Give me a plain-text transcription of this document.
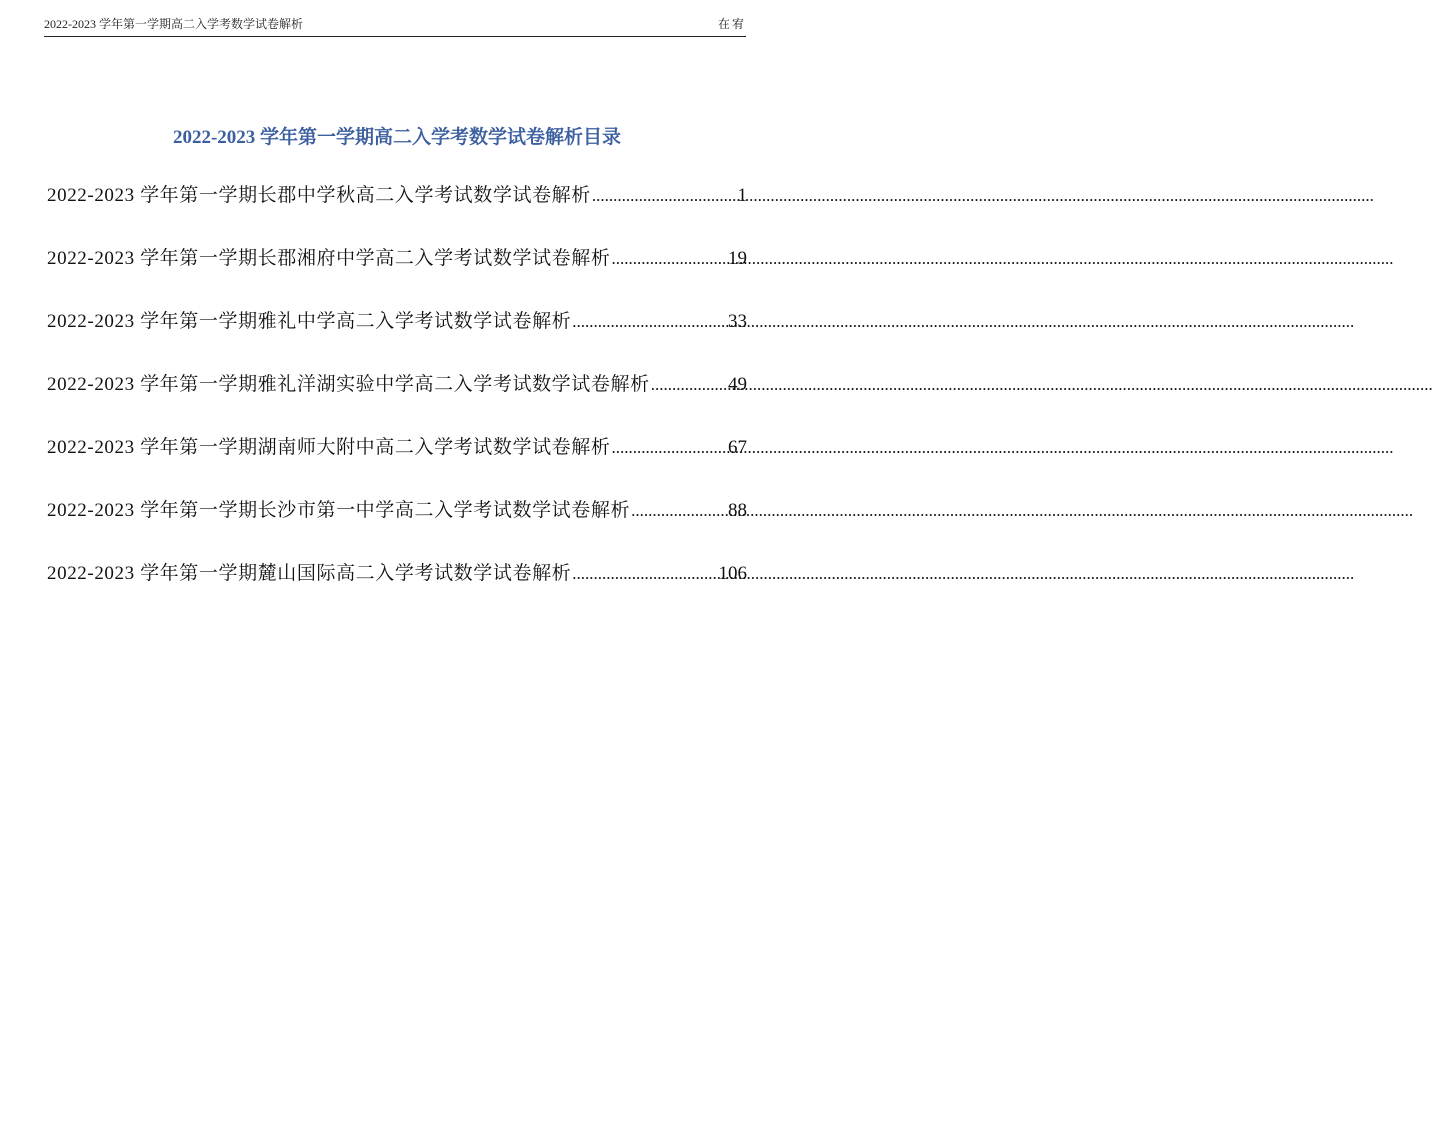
2022-2023 学年第一学期高二入学考数学试卷解析	在宥
2022-2023 学年第一学期高二入学考数学试卷解析目录
2022-2023 学年第一学期长郡中学秋高二入学考试数学试卷解析 .....	1
2022-2023 学年第一学期长郡湘府中学高二入学考试数学试卷解析 .....	19
2022-2023 学年第一学期雅礼中学高二入学考试数学试卷解析 .....	33
2022-2023 学年第一学期雅礼洋湖实验中学高二入学考试数学试卷解析 .....	49
2022-2023 学年第一学期湖南师大附中高二入学考试数学试卷解析 .....	67
2022-2023 学年第一学期长沙市第一中学高二入学考试数学试卷解析 .....	88
2022-2023 学年第一学期麓山国际高二入学考试数学试卷解析 .....	106
